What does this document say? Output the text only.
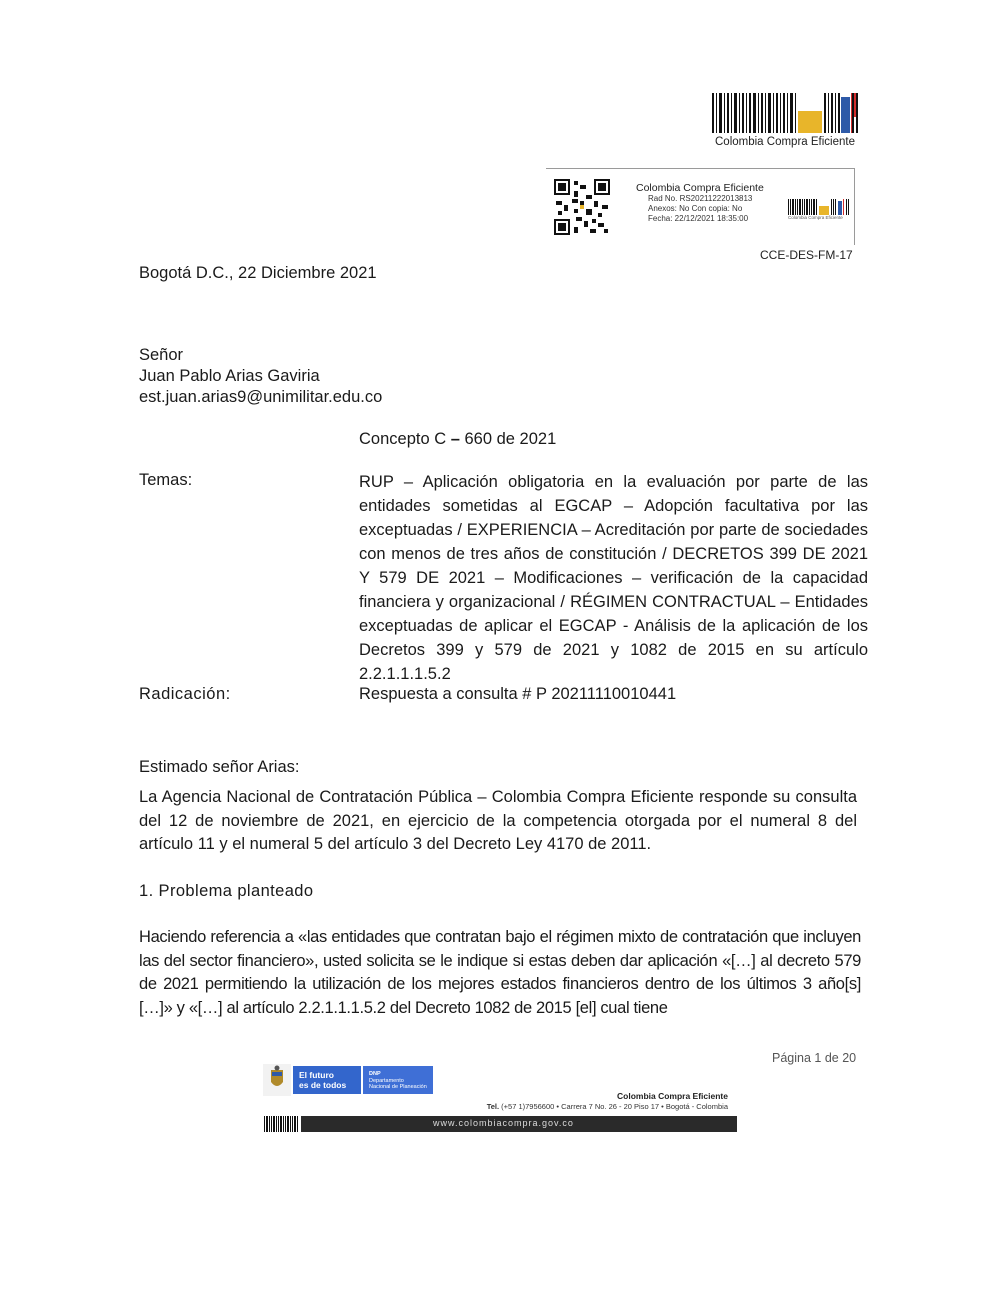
Colombia Compra Eficiente
Colombia Compra Eficiente
Rad No. RS20211222013813
Anexos: No Con copia: No
Fecha: 22/12/2021 18:35:00	Colombia Compra Eficiente
CCE-DES-FM-17
Bogotá D.C., 22 Diciembre 2021
Señor
Juan Pablo Arias Gaviria
est.juan.arias9@unimilitar.edu.co
Concepto C – 660 de 2021
Temas:	RUP – Aplicación obligatoria en la evaluación por parte de las entidades sometidas al EGCAP – Adopción facultativa por las exceptuadas / EXPERIENCIA – Acreditación por parte de sociedades con menos de tres años de constitución / DECRETOS 399 DE 2021 Y 579 DE 2021 – Modificaciones – verificación de la capacidad financiera y organizacional / RÉGIMEN CONTRACTUAL – Entidades exceptuadas de aplicar el EGCAP - Análisis de la aplicación de los Decretos 399 y 579 de 2021 y 1082 de 2015 en su artículo 2.2.1.1.1.5.2
Radicación:	Respuesta a consulta # P 20211110010441
Estimado señor Arias:
La Agencia Nacional de Contratación Pública – Colombia Compra Eficiente responde su consulta del 12 de noviembre de 2021, en ejercicio de la competencia otorgada por el numeral 8 del artículo 11 y el numeral 5 del artículo 3 del Decreto Ley 4170 de 2011.
1. Problema planteado
Haciendo referencia a «las entidades que contratan bajo el régimen mixto de contratación que incluyen las del sector financiero», usted solicita se le indique si estas deben dar aplicación «[…] al decreto 579 de 2021 permitiendo la utilización de los mejores estados financieros dentro de los últimos 3 año[s] […]» y «[…] al artículo 2.2.1.1.1.5.2 del Decreto 1082 de 2015 [el] cual tiene
Página 1 de 20
El futuro
es de todos
DNP
Departamento
Nacional de Planeación
Colombia Compra Eficiente
Tel. (+57 1)7956600 • Carrera 7 No. 26 - 20 Piso 17 • Bogotá - Colombia
www.colombiacompra.gov.co
